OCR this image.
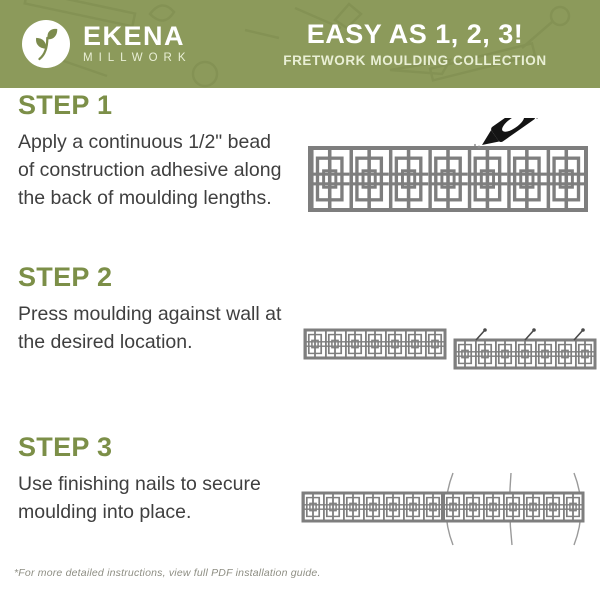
EKENA
MILLWORK
EASY AS 1, 2, 3!
FRETWORK MOULDING COLLECTION
STEP 1
Apply a continuous 1/2" bead
of construction adhesive along
the back of moulding lengths.
STEP 2
Press moulding against wall at
the desired location.
STEP 3
Use finishing nails to secure
moulding into place.
*For more detailed instructions, view full PDF installation guide.
